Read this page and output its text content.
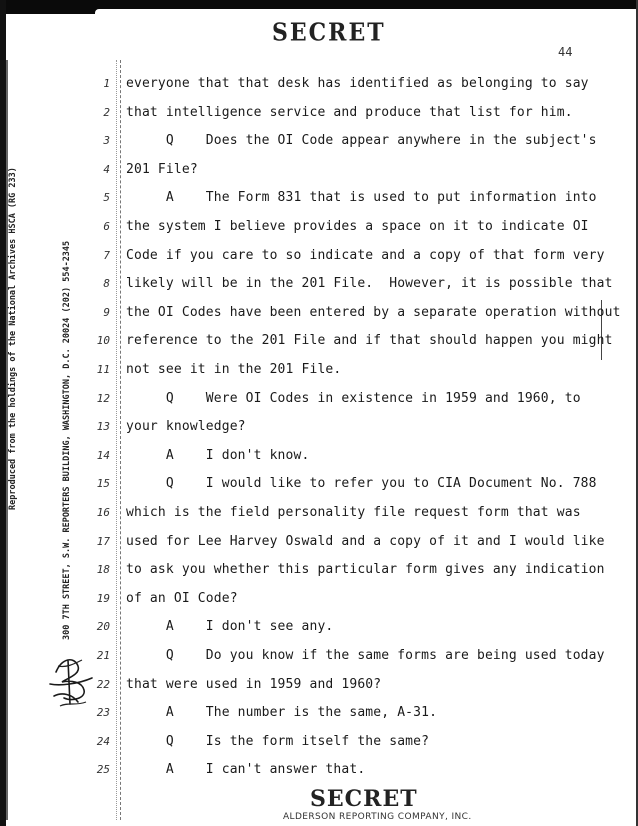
SECRET
44
Reproduced from the holdings of the National Archives HSCA (RG 233)	300 7TH STREET, S.W. REPORTERS BUILDING, WASHINGTON, D.C. 20024 (202) 554-2345
1 everyone that that desk has identified as belonging to say
2 that intelligence service and produce that list for him.
3 Q    Does the OI Code appear anywhere in the subject's
4 201 File?
5 A    The Form 831 that is used to put information into
6 the system I believe provides a space on it to indicate OI
7 Code if you care to so indicate and a copy of that form very
8 likely will be in the 201 File.  However, it is possible that
9 the OI Codes have been entered by a separate operation without
10 reference to the 201 File and if that should happen you might
11 not see it in the 201 File.
12 Q    Were OI Codes in existence in 1959 and 1960, to
13 your knowledge?
14 A    I don't know.
15 Q    I would like to refer you to CIA Document No. 788
16 which is the field personality file request form that was
17 used for Lee Harvey Oswald and a copy of it and I would like
18 to ask you whether this particular form gives any indication
19 of an OI Code?
20 A    I don't see any.
21 Q    Do you know if the same forms are being used today
22 that were used in 1959 and 1960?
23 A    The number is the same, A-31.
24 Q    Is the form itself the same?
25 A    I can't answer that.
SECRET
ALDERSON REPORTING COMPANY, INC.
